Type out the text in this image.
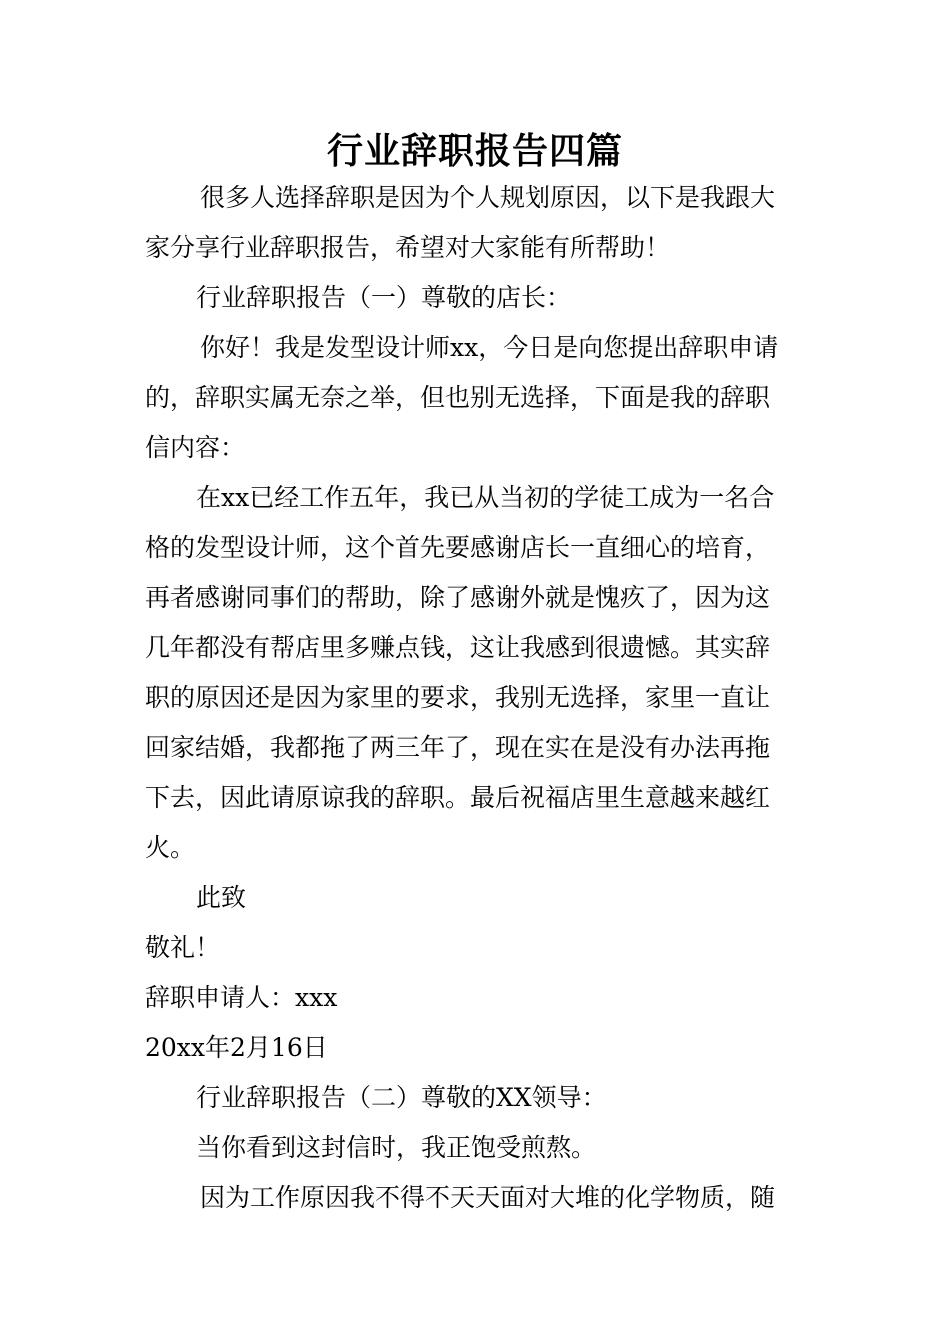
行业辞职报告四篇
很多人选择辞职是因为个人规划原因，以下是我跟大
家分享行业辞职报告，希望对大家能有所帮助！
行业辞职报告（一）尊敬的店长：
你好！我是发型设计师xx，今日是向您提出辞职申请
的，辞职实属无奈之举，但也别无选择，下面是我的辞职
信内容：
在xx已经工作五年，我已从当初的学徒工成为一名合
格的发型设计师，这个首先要感谢店长一直细心的培育，
再者感谢同事们的帮助，除了感谢外就是愧疚了，因为这
几年都没有帮店里多赚点钱，这让我感到很遗憾。其实辞
职的原因还是因为家里的要求，我别无选择，家里一直让
回家结婚，我都拖了两三年了，现在实在是没有办法再拖
下去，因此请原谅我的辞职。最后祝福店里生意越来越红
火。
此致
敬礼！
辞职申请人：xxx
20xx年2月16日
行业辞职报告（二）尊敬的XX领导：
当你看到这封信时，我正饱受煎熬。
因为工作原因我不得不天天面对大堆的化学物质，随
